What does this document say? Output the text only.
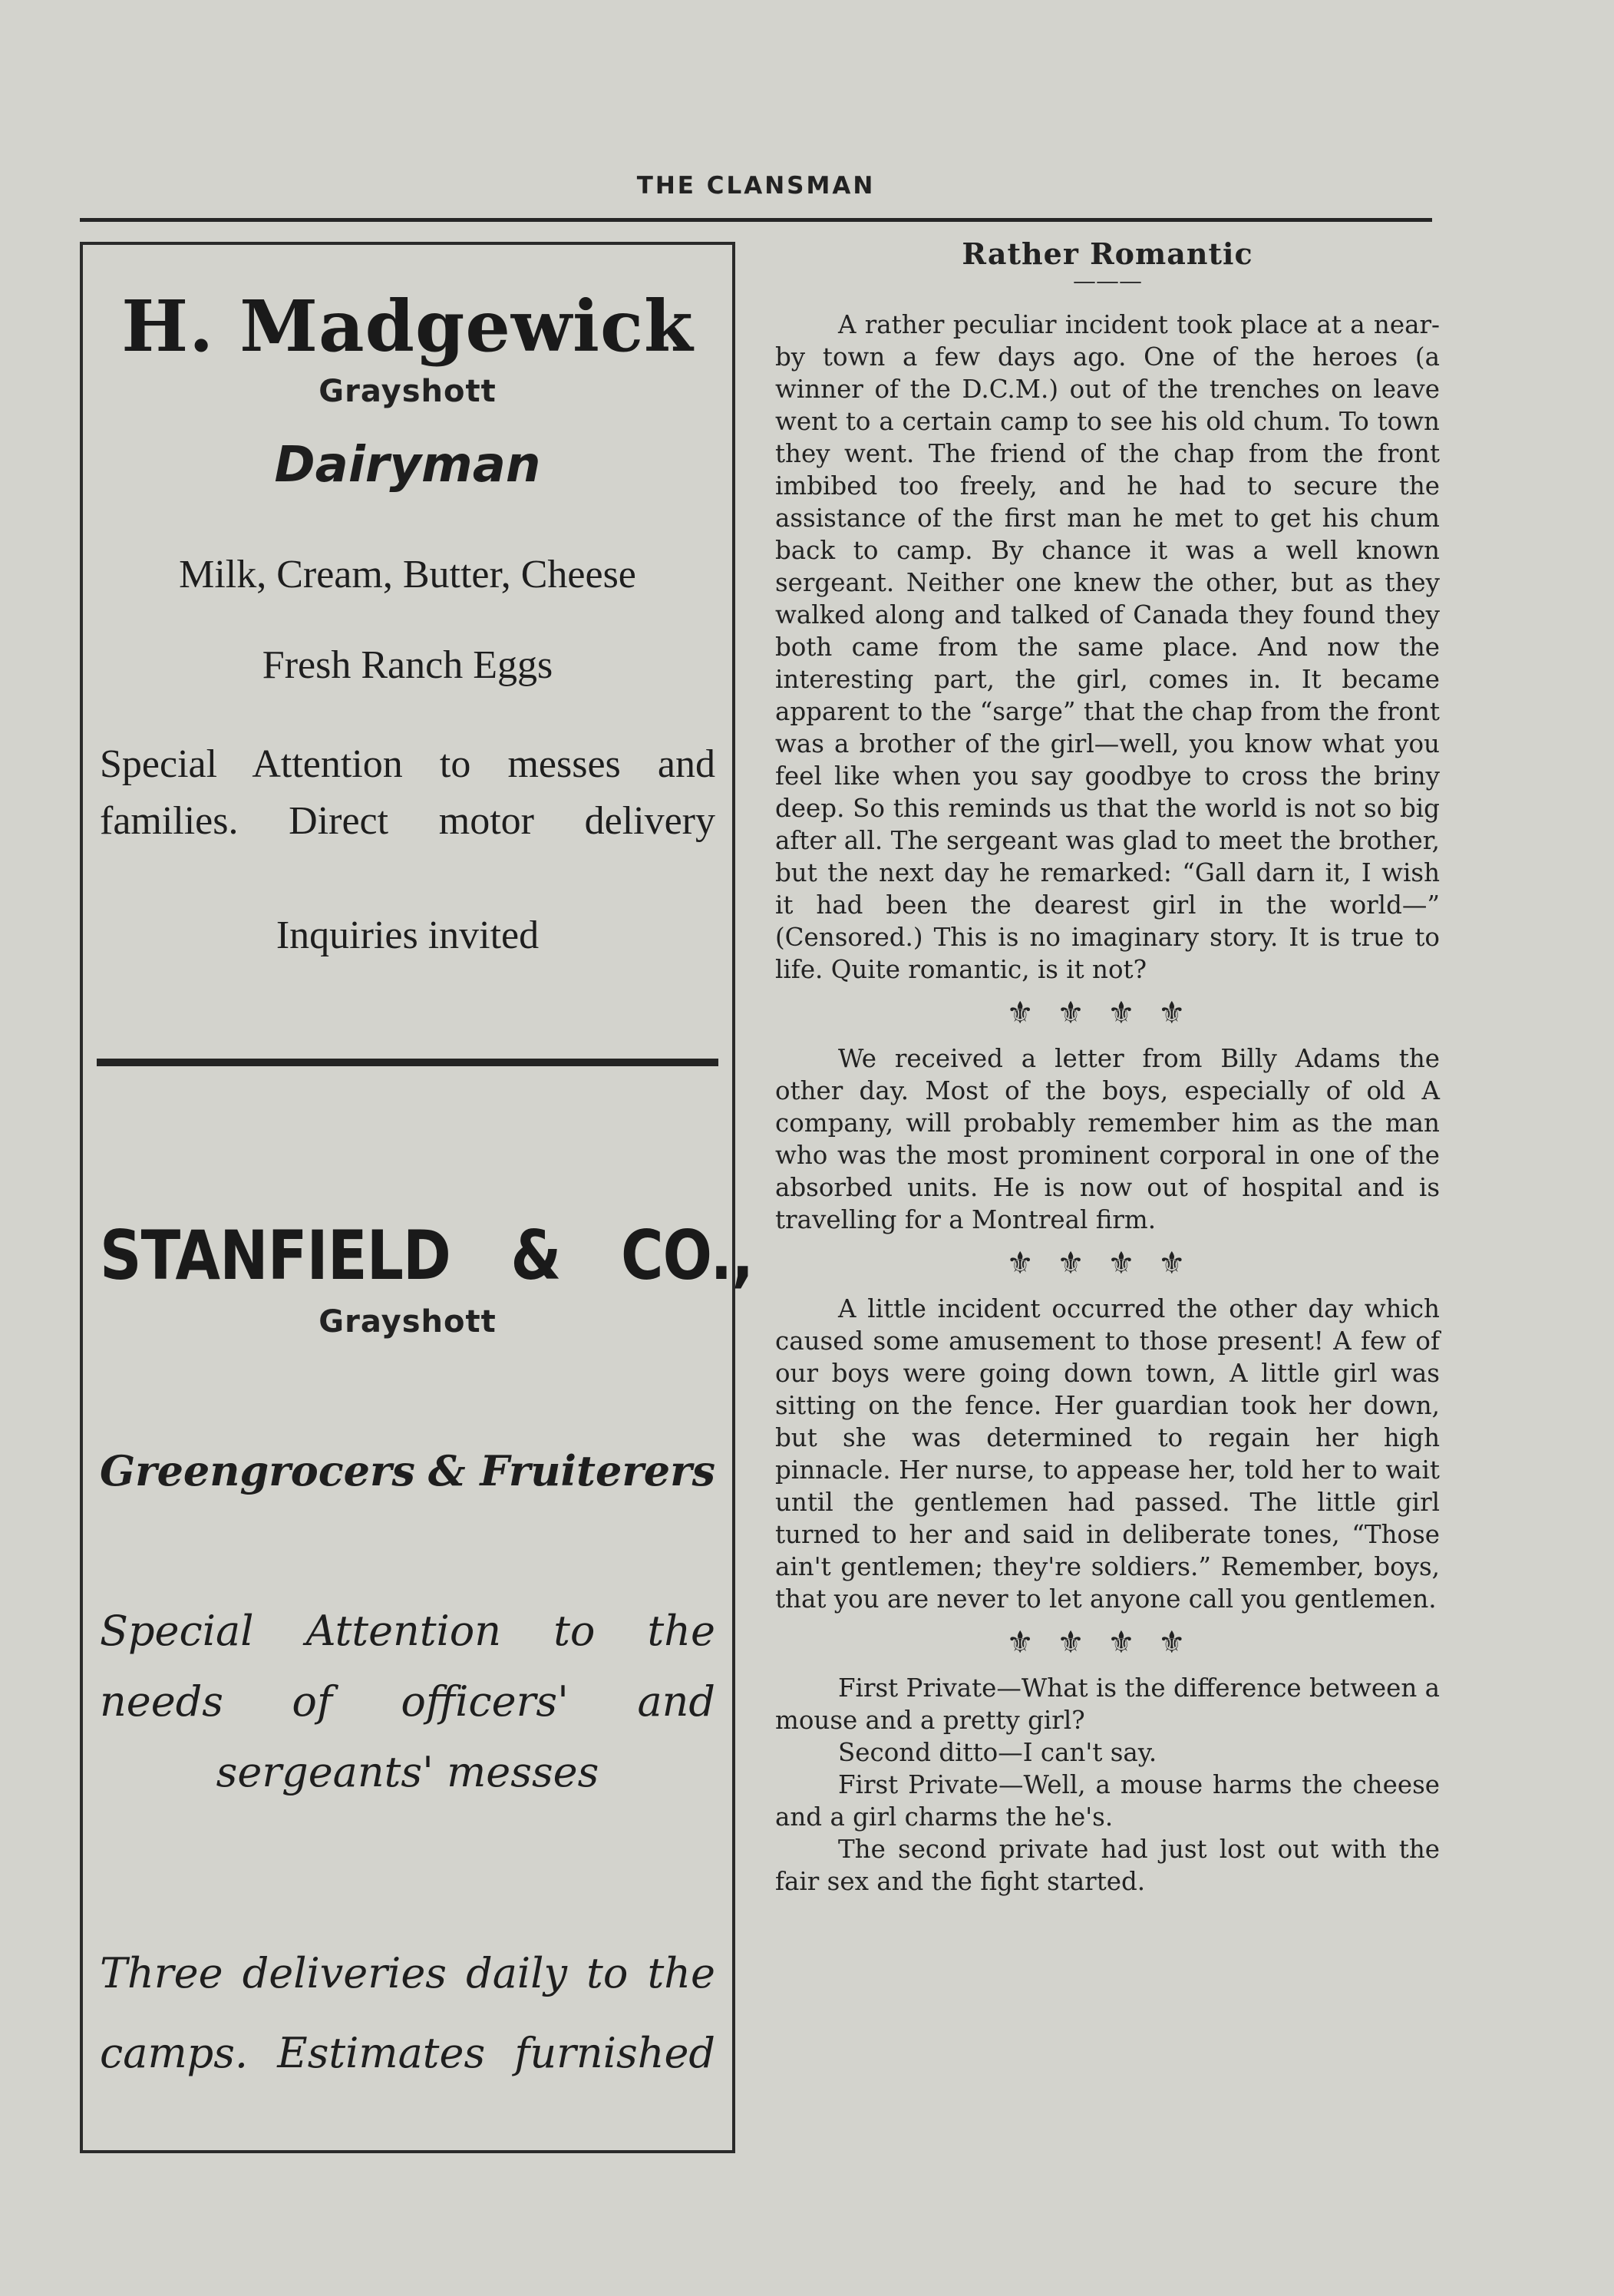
THE CLANSMAN
H. Madgewick
Grayshott
Dairyman
Milk, Cream, Butter, Cheese
Fresh Ranch Eggs
Special Attention to messes and families. Direct motor delivery
Inquiries invited
STANFIELD & CO.,
Grayshott
Greengrocers & Fruiterers
Special Attention to the
needs of officers' and sergeants' messes
Three deliveries daily to the camps. Estimates furnished
Rather Romantic
———

A rather peculiar incident took place at a near-by town a few days ago. One of the heroes (a winner of the D.C.M.) out of the trenches on leave went to a certain camp to see his old chum. To town they went. The friend of the chap from the front imbibed too freely, and he had to secure the assistance of the first man he met to get his chum back to camp. By chance it was a well known sergeant. Neither one knew the other, but as they walked along and talked of Canada they found they both came from the same place. And now the interesting part, the girl, comes in. It became apparent to the “sarge” that the chap from the front was a brother of the girl—well, you know what you feel like when you say goodbye to cross the briny deep. So this reminds us that the world is not so big after all. The sergeant was glad to meet the brother, but the next day he remarked: “Gall darn it, I wish it had been the dearest girl in the world—” (Censored.) This is no imaginary story. It is true to life. Quite romantic, is it not?

⚜⚜⚜⚜

We received a letter from Billy Adams the other day. Most of the boys, especially of old A company, will probably remember him as the man who was the most prominent corporal in one of the absorbed units. He is now out of hospital and is travelling for a Montreal firm.

⚜⚜⚜⚜

A little incident occurred the other day which caused some amusement to those present! A few of our boys were going down town, A little girl was sitting on the fence. Her guardian took her down, but she was determined to regain her high pinnacle. Her nurse, to appease her, told her to wait until the gentlemen had passed. The little girl turned to her and said in deliberate tones, “Those ain't gentlemen; they're soldiers.” Remember, boys, that you are never to let anyone call you gentlemen.

⚜⚜⚜⚜

First Private—What is the difference between a mouse and a pretty girl?

Second ditto—I can't say.

First Private—Well, a mouse harms the cheese and a girl charms the he's.

The second private had just lost out with the fair sex and the fight started.
